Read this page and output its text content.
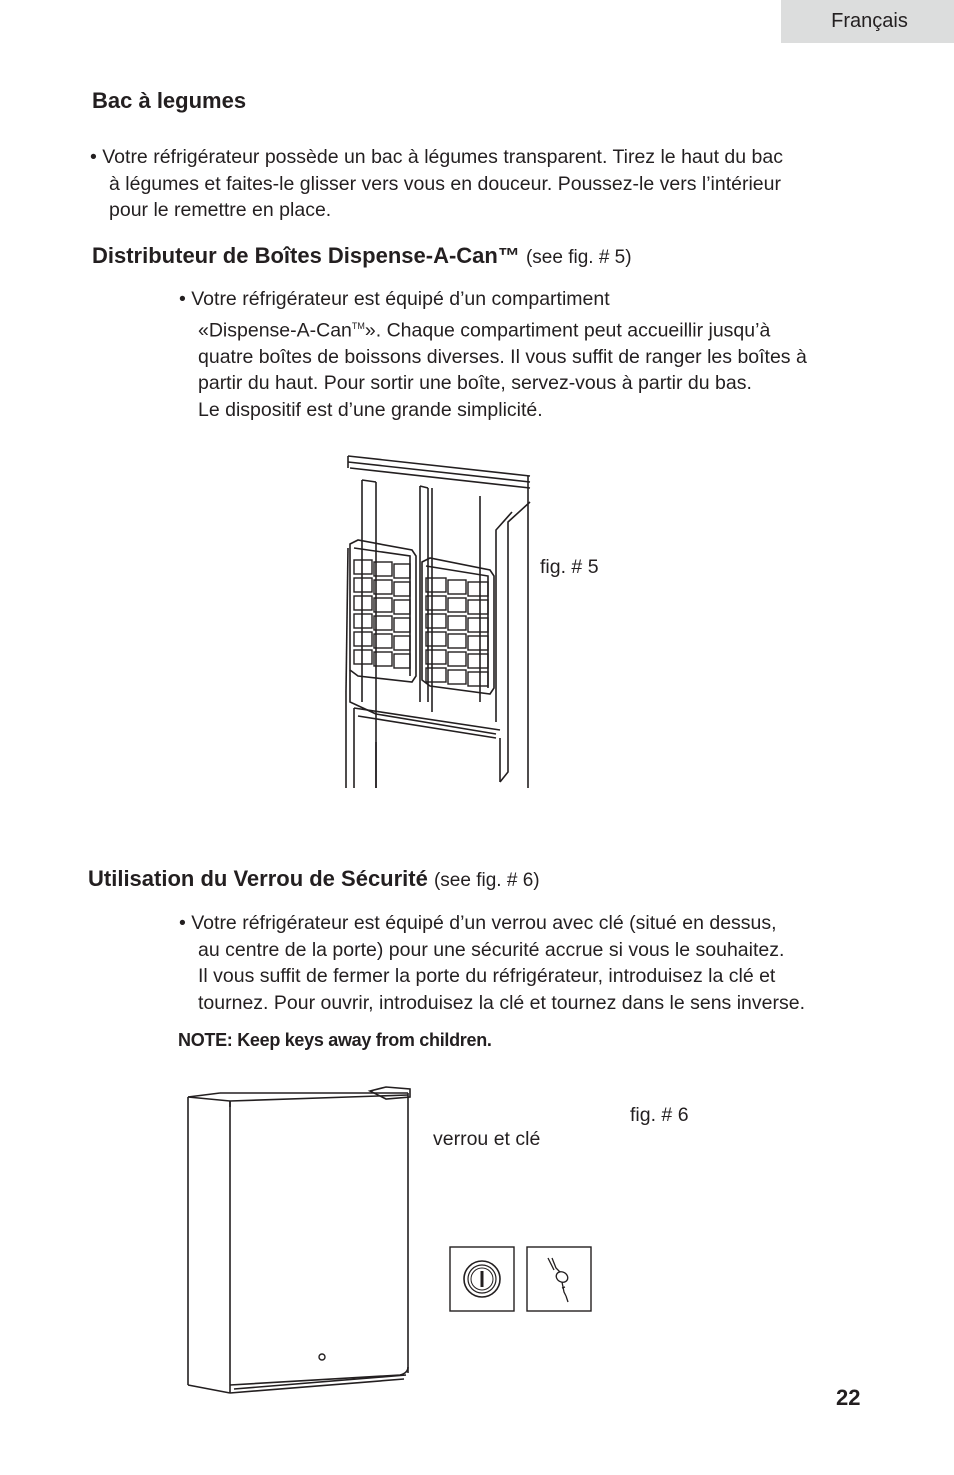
Français
Bac à legumes
• Votre réfrigérateur possède un bac à légumes transparent. Tirez le haut du bac
à légumes et faites-le glisser vers vous en douceur. Poussez-le vers l’intérieur
pour le remettre en place.
Distributeur de Boîtes Dispense-A-Can™ (see fig. # 5)
• Votre réfrigérateur est équipé d’un compartiment
«Dispense-A-Can™». Chaque compartiment peut accueillir jusqu’à
quatre boîtes de boissons diverses. Il vous suffit de ranger les boîtes à
partir du haut. Pour sortir une boîte, servez-vous à partir du bas.
Le dispositif est d’une grande simplicité.
fig. # 5
Utilisation du Verrou de Sécurité (see fig. # 6)
• Votre réfrigérateur est équipé d’un verrou avec clé (situé en dessus,
au centre de la porte) pour une sécurité accrue si vous le souhaitez.
Il vous suffit de fermer la porte du réfrigérateur, introduisez la clé et
tournez. Pour ouvrir, introduisez la clé et tournez dans le sens inverse.
NOTE: Keep keys away from children.
fig. # 6
verrou et clé
22
